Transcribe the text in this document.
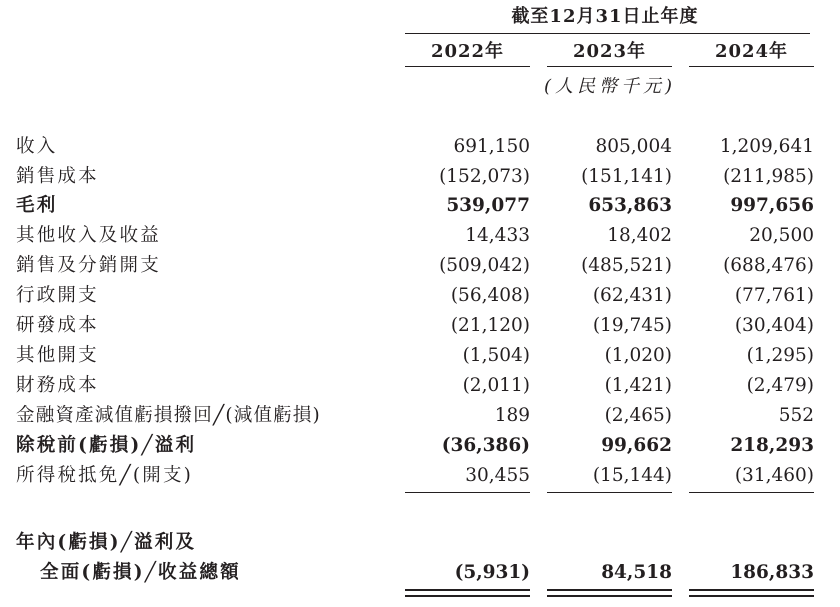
截至12月31日止年度
2022年	2023年	2024年
(人民幣千元)
收入	691,150	805,004	1,209,641
銷售成本	(152,073)	(151,141)	(211,985)
毛利	539,077	653,863	997,656
其他收入及收益	14,433	18,402	20,500
銷售及分銷開支	(509,042)	(485,521)	(688,476)
行政開支	(56,408)	(62,431)	(77,761)
研發成本	(21,120)	(19,745)	(30,404)
其他開支	(1,504)	(1,020)	(1,295)
財務成本	(2,011)	(1,421)	(2,479)
金融資產減值虧損撥回╱(減值虧損)	189	(2,465)	552
除稅前(虧損)╱溢利	(36,386)	99,662	218,293
所得稅抵免╱(開支)	30,455	(15,144)	(31,460)
年內(虧損)╱溢利及
全面(虧損)╱收益總額	(5,931)	84,518	186,833
